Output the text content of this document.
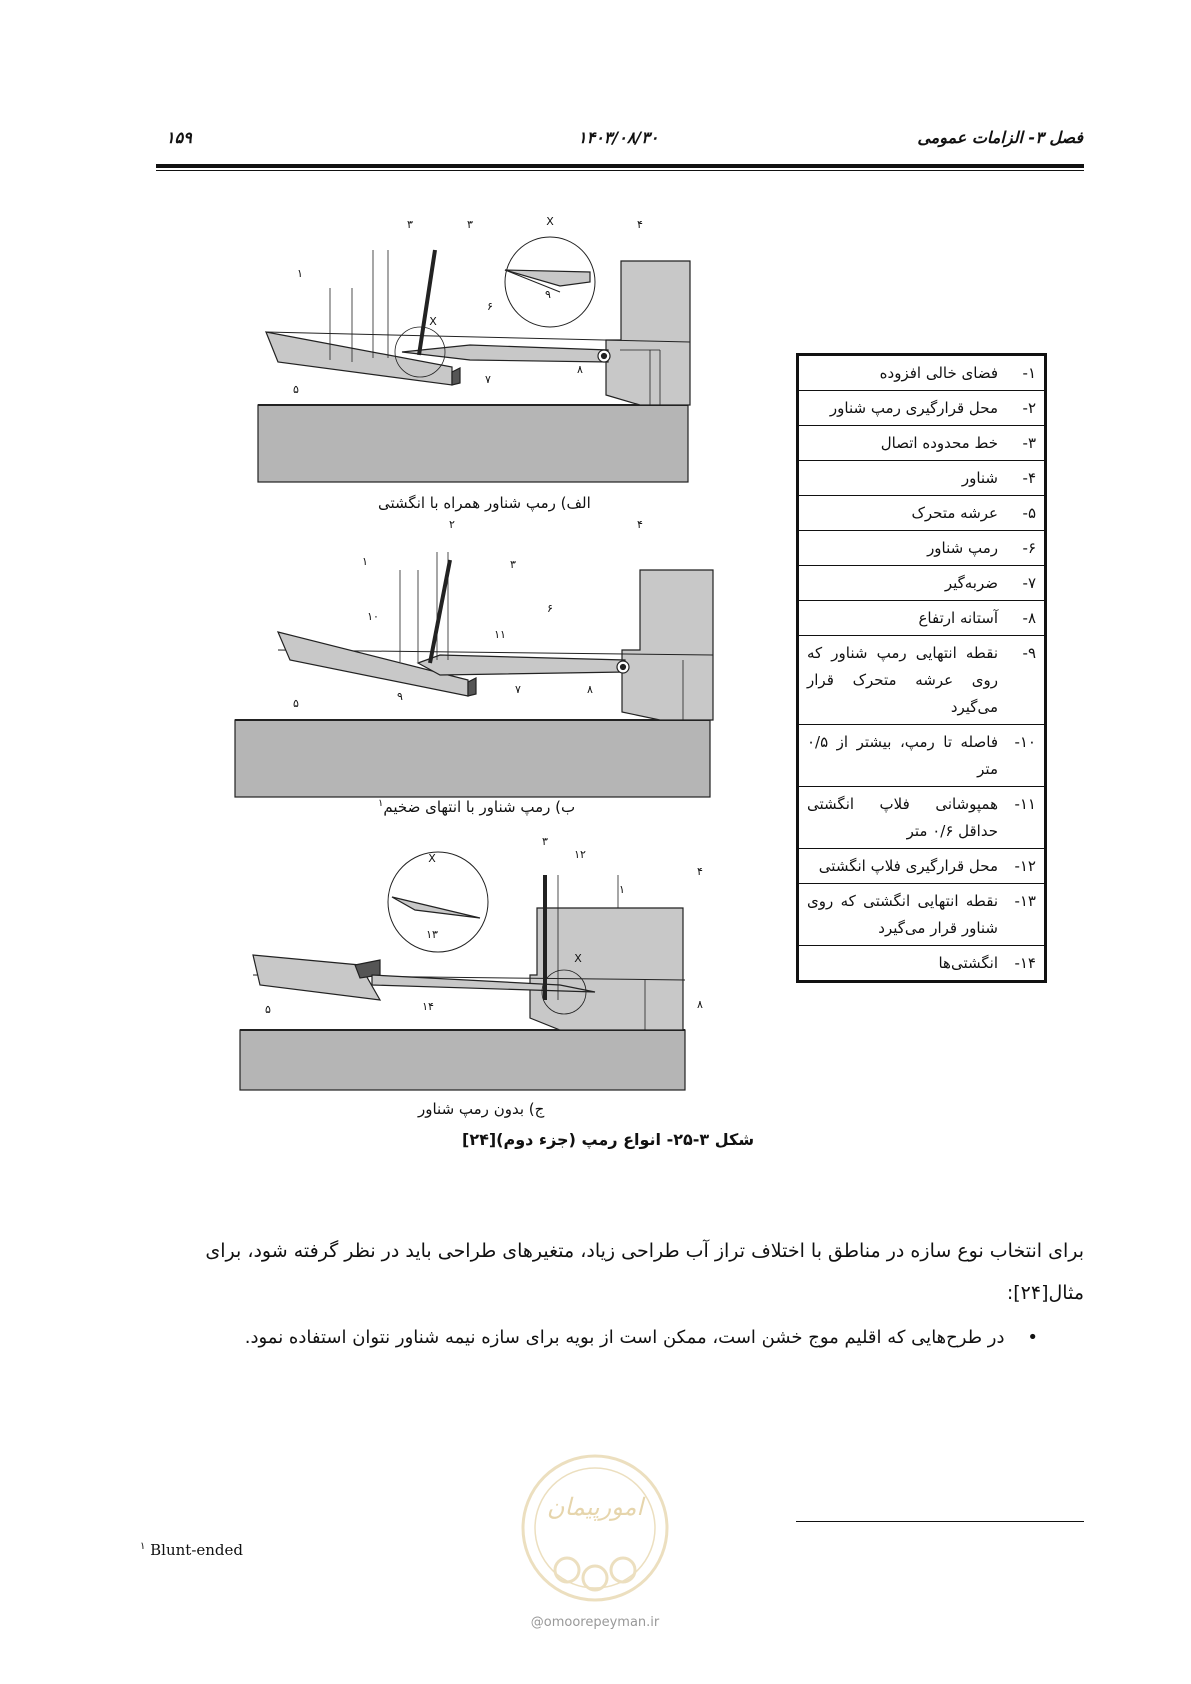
۱۵۹	۱۴۰۳/۰۸/۳۰	فصل ۳- الزامات عمومی
۱
۳	۳	۴
۶
۵
۷
۸
۹
X
X
۱
۲
۳
۴
۶
۱۰
۱۱
۵
۹
۷	۸
۳
۱۲
۱
۴
X
۱۳
X
۵	۱۴	۸
الف) رمپ شناور همراه با انگشتی
ب) رمپ شناور با انتهای ضخیم$^۱$
ج) بدون رمپ شناور
شکل ۳-۲۵- انواع رمپ (جزء دوم)[۲۴]
۱-
فضای خالی افزوده
۲-
محل قرارگیری رمپ شناور
۳-
خط محدوده اتصال
۴-
شناور
۵-
عرشه متحرک
۶-
رمپ شناور
۷-
ضربه‌گیر
۸-
آستانه ارتفاع
۹-
نقطه انتهایی رمپ شناور که روی عرشه متحرک قرار می‌گیرد
۱۰-
فاصله تا رمپ، بیشتر از ۰/۵ متر
۱۱-
همپوشانی فلاپ انگشتی حداقل ۰/۶ متر
۱۲-
محل قرارگیری فلاپ انگشتی
۱۳-
نقطه انتهایی انگشتی که روی شناور قرار می‌گیرد
۱۴-
انگشتی‌ها
برای انتخاب نوع سازه در مناطق با اختلاف تراز آب طراحی زیاد، متغیرهای طراحی باید در نظر گرفته شود، برای مثال[۲۴]:
•    در طرح‌هایی که اقلیم موج خشن است، ممکن است از بویه برای سازه نیمه شناور نتوان استفاده نمود.
امورپیمان
@omoorepeyman.ir
$^۱$ Blunt-ended
